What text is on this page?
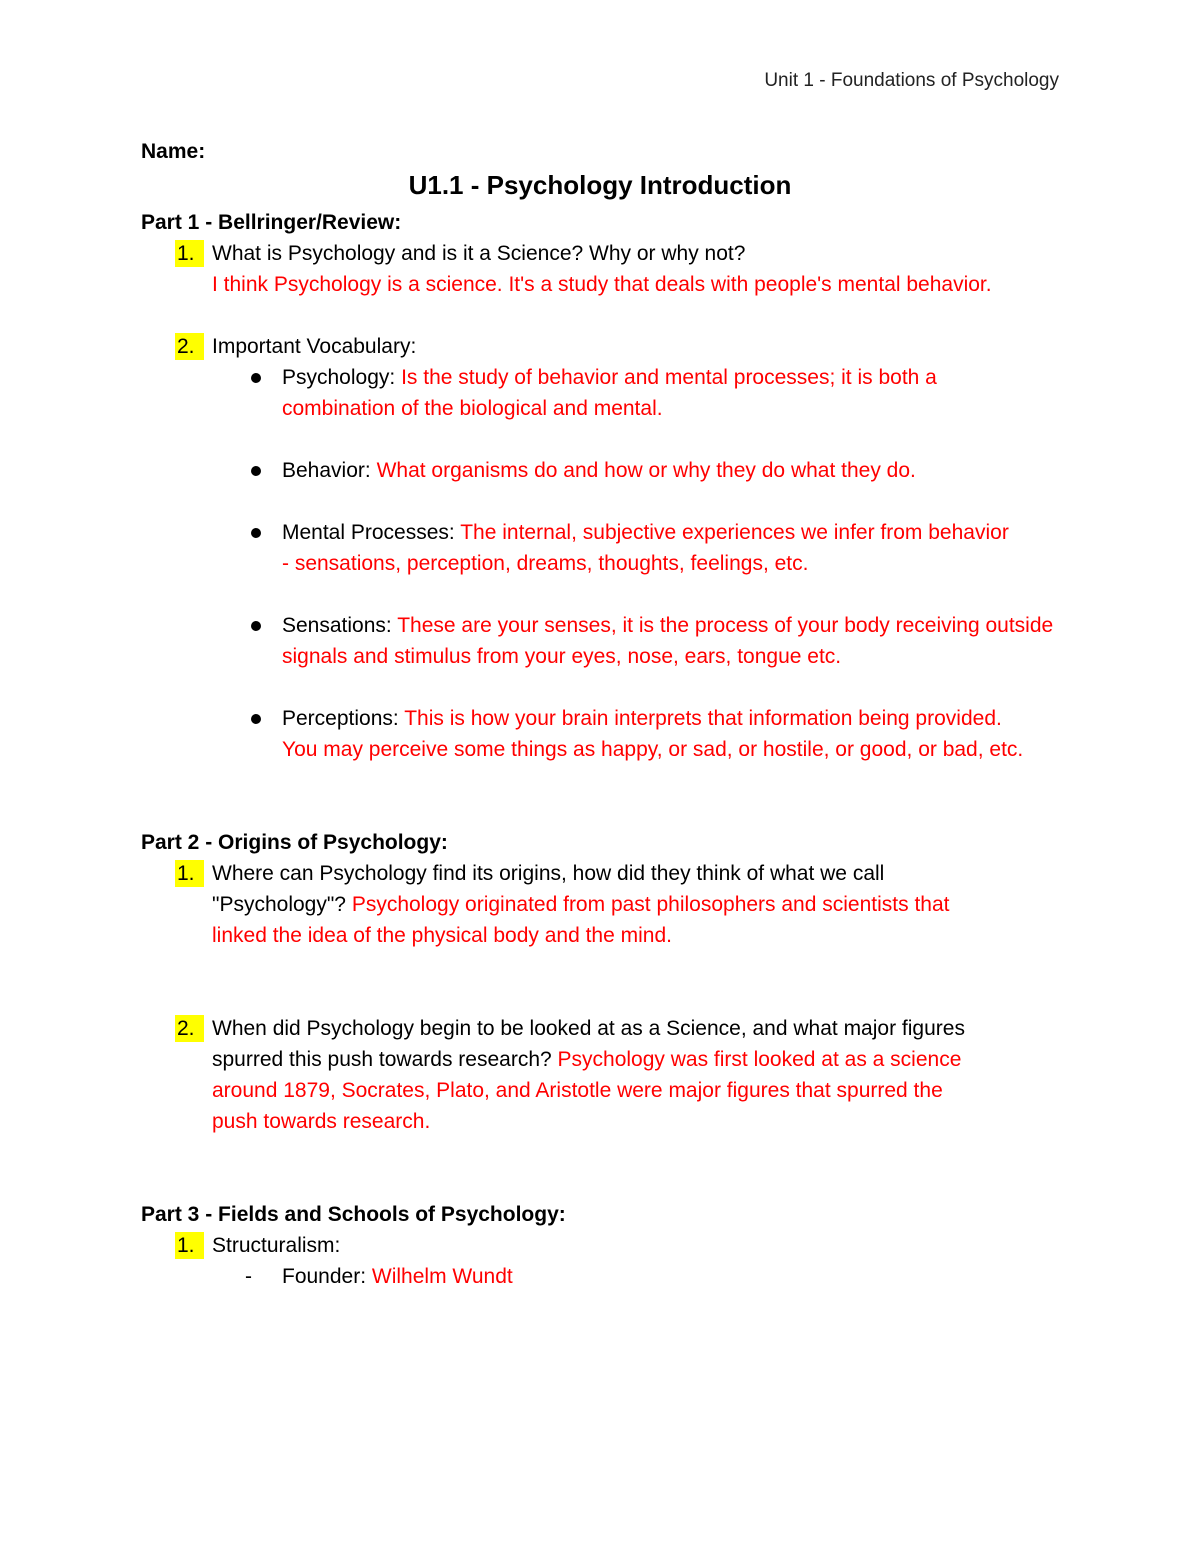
Unit 1 - Foundations of Psychology
Name:
U1.1 - Psychology Introduction
Part 1 - Bellringer/Review:
1. What is Psychology and is it a Science? Why or why not?
I think Psychology is a science. It's a study that deals with people's mental behavior.
2. Important Vocabulary:
Psychology: Is the study of behavior and mental processes; it is both a combination of the biological and mental.
Behavior: What organisms do and how or why they do what they do.
Mental Processes: The internal, subjective experiences we infer from behavior - sensations, perception, dreams, thoughts, feelings, etc.
Sensations: These are your senses, it is the process of your body receiving outside signals and stimulus from your eyes, nose, ears, tongue etc.
Perceptions: This is how your brain interprets that information being provided. You may perceive some things as happy, or sad, or hostile, or good, or bad, etc.
Part 2 - Origins of Psychology:
1. Where can Psychology find its origins, how did they think of what we call "Psychology"? Psychology originated from past philosophers and scientists that linked the idea of the physical body and the mind.
2. When did Psychology begin to be looked at as a Science, and what major figures spurred this push towards research? Psychology was first looked at as a science around 1879, Socrates, Plato, and Aristotle were major figures that spurred the push towards research.
Part 3 - Fields and Schools of Psychology:
1. Structuralism:
- Founder: Wilhelm Wundt
